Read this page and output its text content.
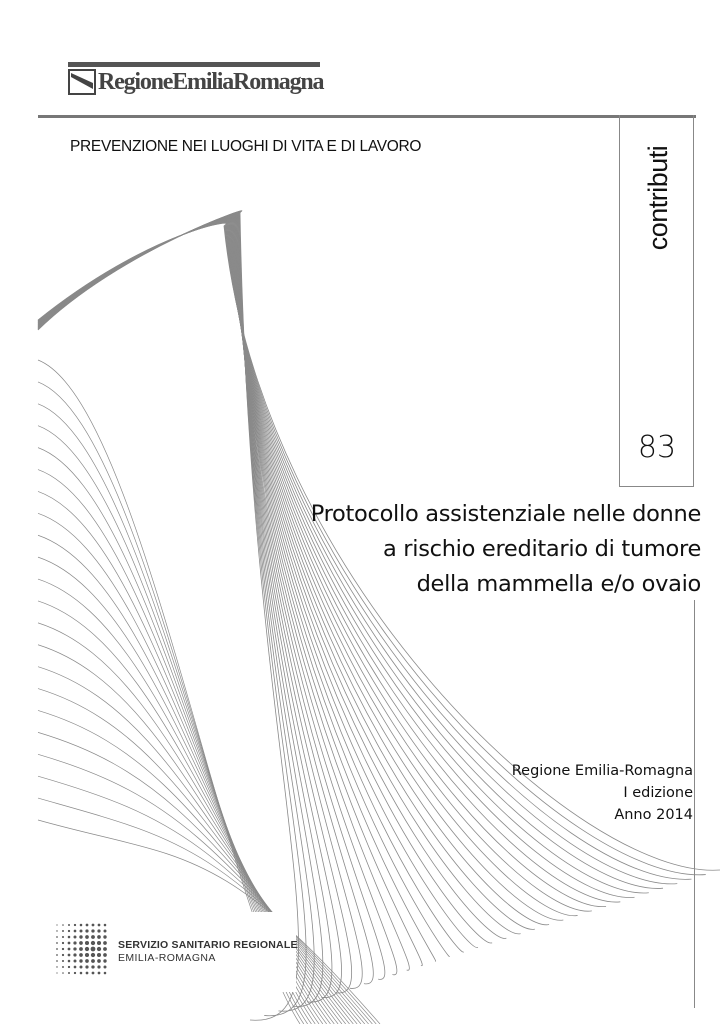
RegioneEmiliaRomagna
PREVENZIONE NEI LUOGHI DI VITA E DI LAVORO	contributi
83
Protocollo assistenziale nelle donne
a rischio ereditario di tumore
della mammella e/o ovaio
Regione Emilia-Romagna
I edizione
Anno 2014
SERVIZIO SANITARIO REGIONALE
EMILIA-ROMAGNA
